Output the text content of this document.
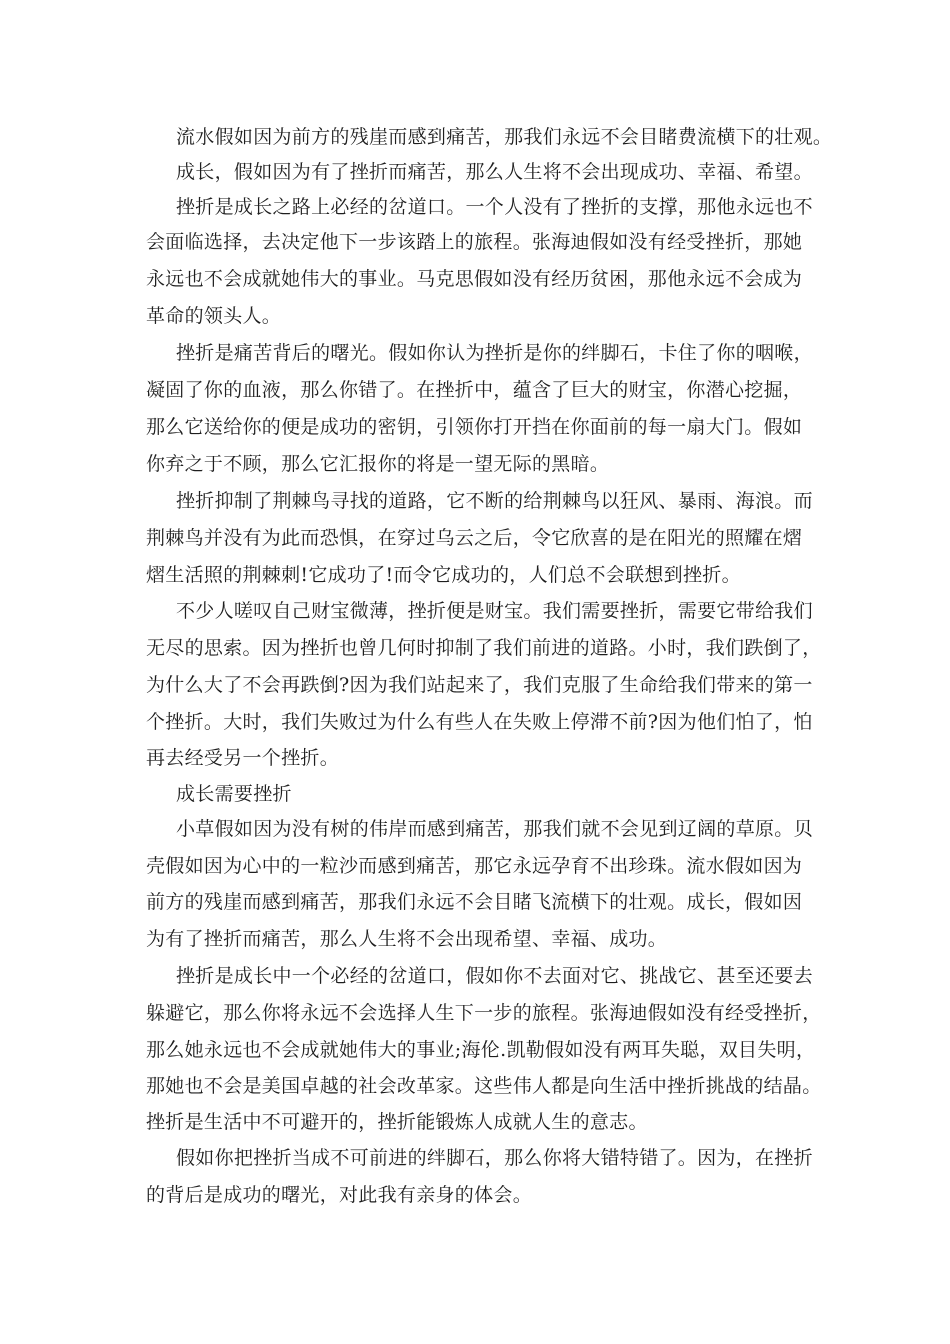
流水假如因为前方的残崖而感到痛苦，那我们永远不会目睹费流横下的壮观。
成长，假如因为有了挫折而痛苦，那么人生将不会出现成功、幸福、希望。
挫折是成长之路上必经的岔道口。一个人没有了挫折的支撑，那他永远也不
会面临选择，去决定他下一步该踏上的旅程。张海迪假如没有经受挫折，那她
永远也不会成就她伟大的事业。马克思假如没有经历贫困，那他永远不会成为
革命的领头人。
挫折是痛苦背后的曙光。假如你认为挫折是你的绊脚石，卡住了你的咽喉，
凝固了你的血液，那么你错了。在挫折中，蕴含了巨大的财宝，你潜心挖掘，
那么它送给你的便是成功的密钥，引领你打开挡在你面前的每一扇大门。假如
你弃之于不顾，那么它汇报你的将是一望无际的黑暗。
挫折抑制了荆棘鸟寻找的道路，它不断的给荆棘鸟以狂风、暴雨、海浪。而
荆棘鸟并没有为此而恐惧，在穿过乌云之后，令它欣喜的是在阳光的照耀在熠
熠生活照的荆棘刺!它成功了!而令它成功的，人们总不会联想到挫折。
不少人嗟叹自己财宝微薄，挫折便是财宝。我们需要挫折，需要它带给我们
无尽的思索。因为挫折也曾几何时抑制了我们前进的道路。小时，我们跌倒了，
为什么大了不会再跌倒?因为我们站起来了，我们克服了生命给我们带来的第一
个挫折。大时，我们失败过为什么有些人在失败上停滞不前?因为他们怕了，怕
再去经受另一个挫折。
成长需要挫折
小草假如因为没有树的伟岸而感到痛苦，那我们就不会见到辽阔的草原。贝
壳假如因为心中的一粒沙而感到痛苦，那它永远孕育不出珍珠。流水假如因为
前方的残崖而感到痛苦，那我们永远不会目睹飞流横下的壮观。成长，假如因
为有了挫折而痛苦，那么人生将不会出现希望、幸福、成功。
挫折是成长中一个必经的岔道口，假如你不去面对它、挑战它、甚至还要去
躲避它，那么你将永远不会选择人生下一步的旅程。张海迪假如没有经受挫折，
那么她永远也不会成就她伟大的事业;海伦.凯勒假如没有两耳失聪，双目失明，
那她也不会是美国卓越的社会改革家。这些伟人都是向生活中挫折挑战的结晶。
挫折是生活中不可避开的，挫折能锻炼人成就人生的意志。
假如你把挫折当成不可前进的绊脚石，那么你将大错特错了。因为，在挫折
的背后是成功的曙光，对此我有亲身的体会。
